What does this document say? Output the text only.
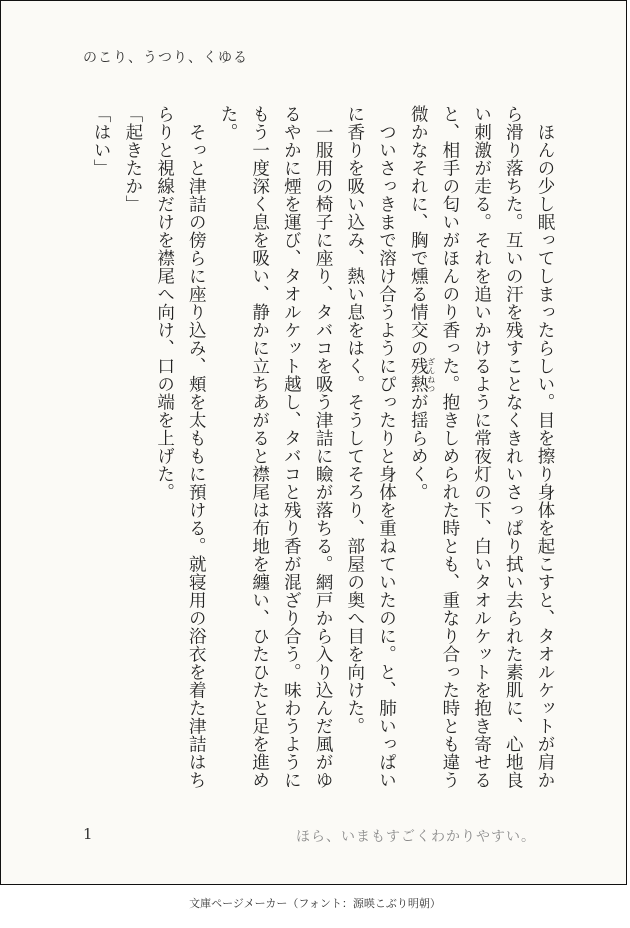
のこり、うつり、くゆる

ほんの少し眠ってしまったらしい。目を擦り身体を起こすと、タオルケットが肩から滑り落ちた。互いの汗を残すことなくきれいさっぱり拭い去られた素肌に、心地良い刺激が走る。それを追いかけるように常夜灯の下、白いタオルケットを抱き寄せると、相手の匂いがほんのり香った。抱きしめられた時とも、重なり合った時とも違う微かなそれに、胸で燻る情交の残熱ざんねつが揺らめく。

ついさっきまで溶け合うようにぴったりと身体を重ねていたのに。と、肺いっぱいに香りを吸い込み、熱い息をはく。そうしてそろり、部屋の奥へ目を向けた。

一服用の椅子に座り、タバコを吸う津詰に瞼が落ちる。網戸から入り込んだ風がゆるやかに煙を運び、タオルケット越し、タバコと残り香が混ざり合う。味わうようにもう一度深く息を吸い、静かに立ちあがると襟尾は布地を纏い、ひたひたと足を進めた。

そっと津詰の傍らに座り込み、頬を太ももに預ける。就寝用の浴衣を着た津詰はちらりと視線だけを襟尾へ向け、口の端を上げた。

「起きたか」

「はい」

1	ほら、いまもすごくわかりやすい。
文庫ページメーカー（フォント：源暎こぶり明朝）
